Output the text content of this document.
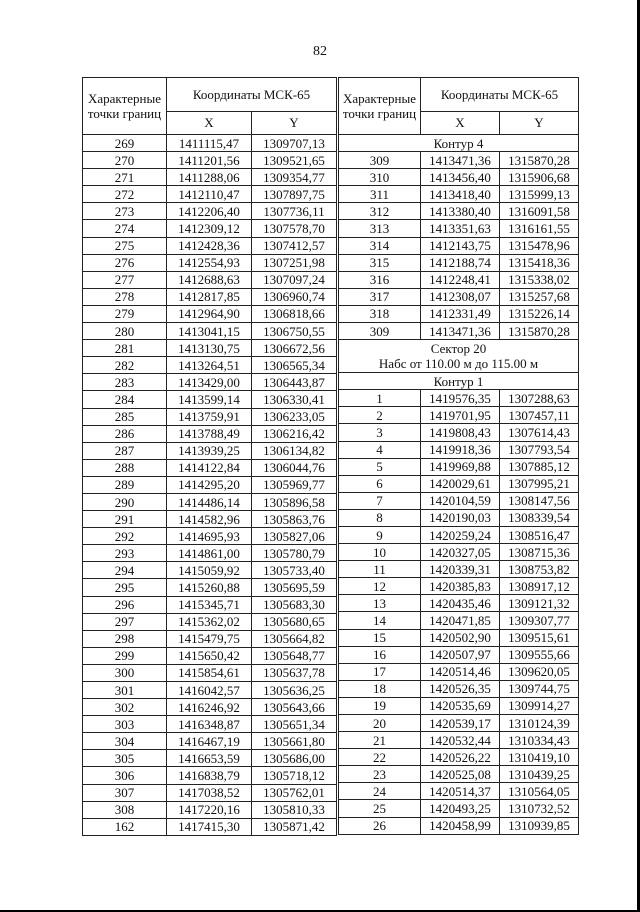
82
Характерные точки границ	Координаты МСК-65	
	X	Y
269	1411115,47	1309707,13
270	1411201,56	1309521,65
271	1411288,06	1309354,77
272	1412110,47	1307897,75
273	1412206,40	1307736,11
274	1412309,12	1307578,70
275	1412428,36	1307412,57
276	1412554,93	1307251,98
277	1412688,63	1307097,24
278	1412817,85	1306960,74
279	1412964,90	1306818,66
280	1413041,15	1306750,55
281	1413130,75	1306672,56
282	1413264,51	1306565,34
283	1413429,00	1306443,87
284	1413599,14	1306330,41
285	1413759,91	1306233,05
286	1413788,49	1306216,42
287	1413939,25	1306134,82
288	1414122,84	1306044,76
289	1414295,20	1305969,77
290	1414486,14	1305896,58
291	1414582,96	1305863,76
292	1414695,93	1305827,06
293	1414861,00	1305780,79
294	1415059,92	1305733,40
295	1415260,88	1305695,59
296	1415345,71	1305683,30
297	1415362,02	1305680,65
298	1415479,75	1305664,82
299	1415650,42	1305648,77
300	1415854,61	1305637,78
301	1416042,57	1305636,25
302	1416246,92	1305643,66
303	1416348,87	1305651,34
304	1416467,19	1305661,80
305	1416653,59	1305686,00
306	1416838,79	1305718,12
307	1417038,52	1305762,01
308	1417220,16	1305810,33
162	1417415,30	1305871,42
Характерные точки границ	Координаты МСК-65	
	X	Y
Контур 4		
309	1413471,36	1315870,28
310	1413456,40	1315906,68
311	1413418,40	1315999,13
312	1413380,40	1316091,58
313	1413351,63	1316161,55
314	1412143,75	1315478,96
315	1412188,74	1315418,36
316	1412248,41	1315338,02
317	1412308,07	1315257,68
318	1412331,49	1315226,14
309	1413471,36	1315870,28

Сектор 20
Набс от 110.00 м до 115.00 м		

Контур 1		
1	1419576,35	1307288,63
2	1419701,95	1307457,11
3	1419808,43	1307614,43
4	1419918,36	1307793,54
5	1419969,88	1307885,12
6	1420029,61	1307995,21
7	1420104,59	1308147,56
8	1420190,03	1308339,54
9	1420259,24	1308516,47
10	1420327,05	1308715,36
11	1420339,31	1308753,82
12	1420385,83	1308917,12
13	1420435,46	1309121,32
14	1420471,85	1309307,77
15	1420502,90	1309515,61
16	1420507,97	1309555,66
17	1420514,46	1309620,05
18	1420526,35	1309744,75
19	1420535,69	1309914,27
20	1420539,17	1310124,39
21	1420532,44	1310334,43
22	1420526,22	1310419,10
23	1420525,08	1310439,25
24	1420514,37	1310564,05
25	1420493,25	1310732,52
26	1420458,99	1310939,85
